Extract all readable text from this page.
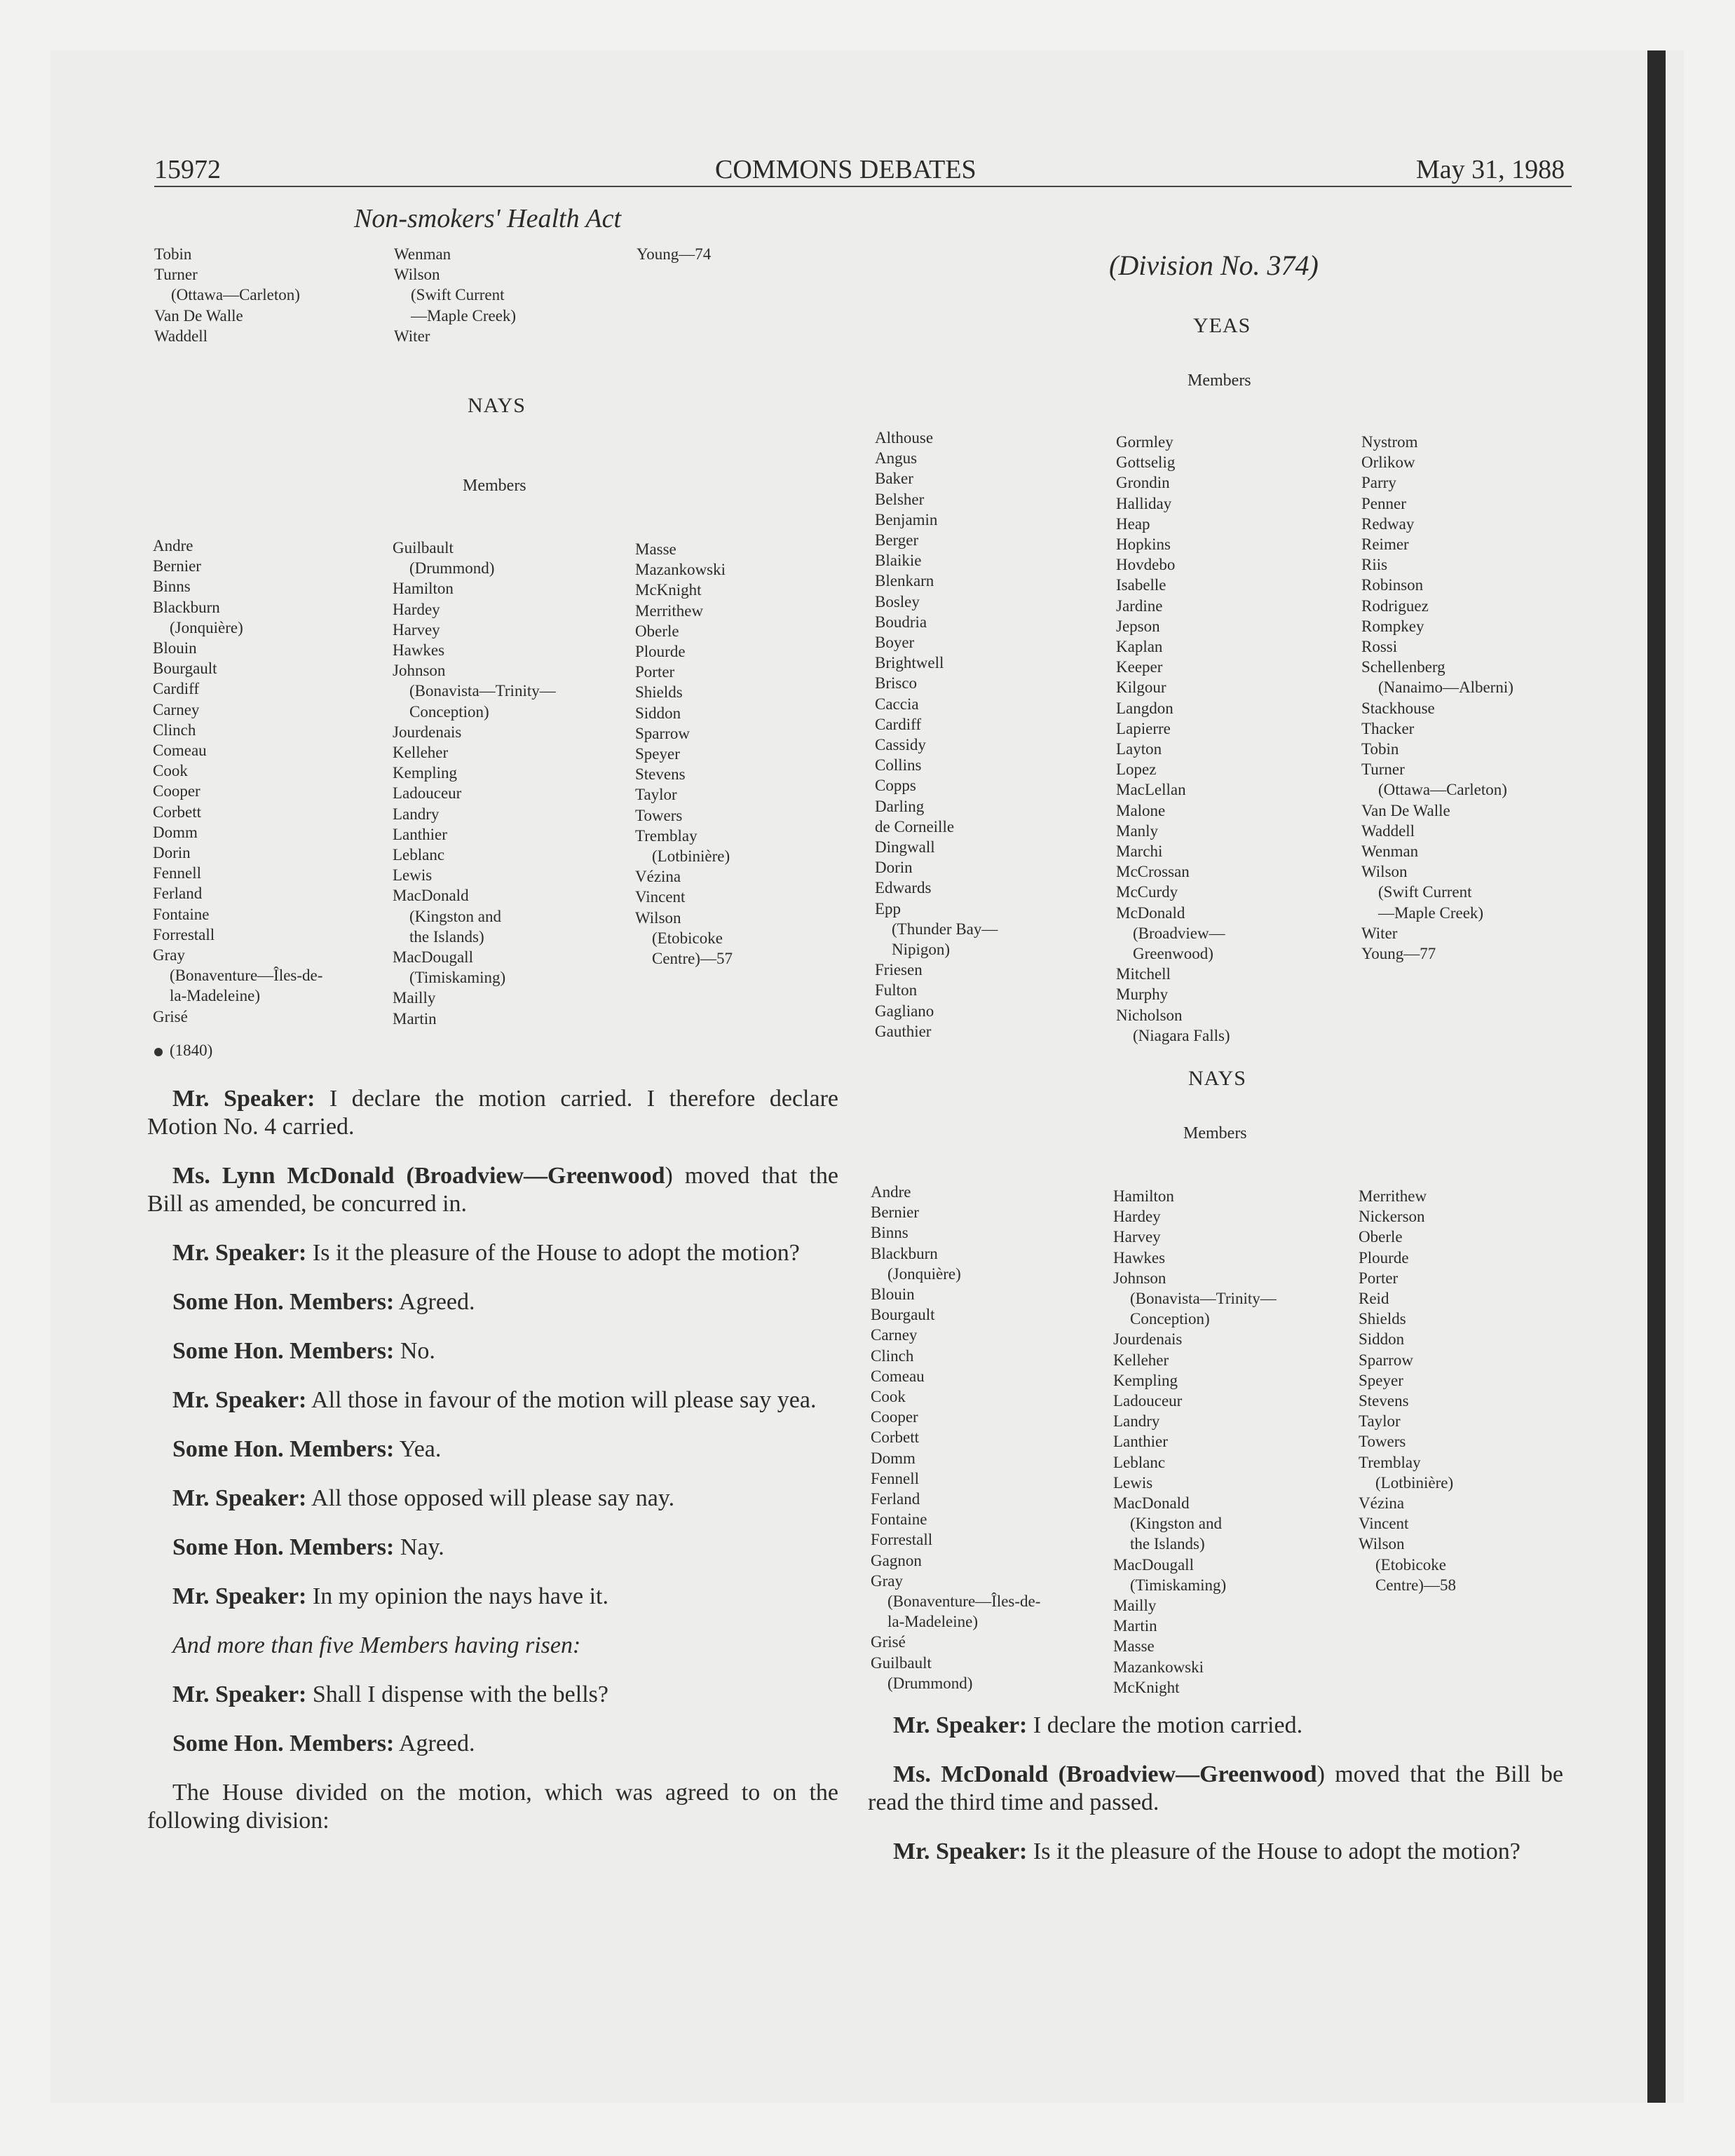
15972	COMMONS DEBATES	May 31, 1988
Non-smokers' Health Act
Tobin
Turner
(Ottawa—Carleton)
Van De Walle
Waddell
Wenman
Wilson
(Swift Current
—Maple Creek)
Witer
Young—74
NAYS
Members
Andre
Bernier
Binns
Blackburn
(Jonquière)
Blouin
Bourgault
Cardiff
Carney
Clinch
Comeau
Cook
Cooper
Corbett
Domm
Dorin
Fennell
Ferland
Fontaine
Forrestall
Gray
(Bonaventure—Îles-de-
la-Madeleine)
Grisé
Guilbault
(Drummond)
Hamilton
Hardey
Harvey
Hawkes
Johnson
(Bonavista—Trinity—
Conception)
Jourdenais
Kelleher
Kempling
Ladouceur
Landry
Lanthier
Leblanc
Lewis
MacDonald
(Kingston and
the Islands)
MacDougall
(Timiskaming)
Mailly
Martin
Masse
Mazankowski
McKnight
Merrithew
Oberle
Plourde
Porter
Shields
Siddon
Sparrow
Speyer
Stevens
Taylor
Towers
Tremblay
(Lotbinière)
Vézina
Vincent
Wilson
(Etobicoke
Centre)—57
(1840)
Mr. Speaker: I declare the motion carried. I therefore declare Motion No. 4 carried.
Ms. Lynn McDonald (Broadview—Greenwood) moved that the Bill as amended, be concurred in.
Mr. Speaker: Is it the pleasure of the House to adopt the motion?
Some Hon. Members: Agreed.
Some Hon. Members: No.
Mr. Speaker: All those in favour of the motion will please say yea.
Some Hon. Members: Yea.
Mr. Speaker: All those opposed will please say nay.
Some Hon. Members: Nay.
Mr. Speaker: In my opinion the nays have it.
And more than five Members having risen:
Mr. Speaker: Shall I dispense with the bells?
Some Hon. Members: Agreed.
The House divided on the motion, which was agreed to on the following division:
(Division No. 374)
YEAS
Members
Althouse
Angus
Baker
Belsher
Benjamin
Berger
Blaikie
Blenkarn
Bosley
Boudria
Boyer
Brightwell
Brisco
Caccia
Cardiff
Cassidy
Collins
Copps
Darling
de Corneille
Dingwall
Dorin
Edwards
Epp
(Thunder Bay—
Nipigon)
Friesen
Fulton
Gagliano
Gauthier
Gormley
Gottselig
Grondin
Halliday
Heap
Hopkins
Hovdebo
Isabelle
Jardine
Jepson
Kaplan
Keeper
Kilgour
Langdon
Lapierre
Layton
Lopez
MacLellan
Malone
Manly
Marchi
McCrossan
McCurdy
McDonald
(Broadview—
Greenwood)
Mitchell
Murphy
Nicholson
(Niagara Falls)
Nystrom
Orlikow
Parry
Penner
Redway
Reimer
Riis
Robinson
Rodriguez
Rompkey
Rossi
Schellenberg
(Nanaimo—Alberni)
Stackhouse
Thacker
Tobin
Turner
(Ottawa—Carleton)
Van De Walle
Waddell
Wenman
Wilson
(Swift Current
—Maple Creek)
Witer
Young—77
NAYS
Members
Andre
Bernier
Binns
Blackburn
(Jonquière)
Blouin
Bourgault
Carney
Clinch
Comeau
Cook
Cooper
Corbett
Domm
Fennell
Ferland
Fontaine
Forrestall
Gagnon
Gray
(Bonaventure—Îles-de-
la-Madeleine)
Grisé
Guilbault
(Drummond)
Hamilton
Hardey
Harvey
Hawkes
Johnson
(Bonavista—Trinity—
Conception)
Jourdenais
Kelleher
Kempling
Ladouceur
Landry
Lanthier
Leblanc
Lewis
MacDonald
(Kingston and
the Islands)
MacDougall
(Timiskaming)
Mailly
Martin
Masse
Mazankowski
McKnight
Merrithew
Nickerson
Oberle
Plourde
Porter
Reid
Shields
Siddon
Sparrow
Speyer
Stevens
Taylor
Towers
Tremblay
(Lotbinière)
Vézina
Vincent
Wilson
(Etobicoke
Centre)—58
Mr. Speaker: I declare the motion carried.
Ms. McDonald (Broadview—Greenwood) moved that the Bill be read the third time and passed.
Mr. Speaker: Is it the pleasure of the House to adopt the motion?
